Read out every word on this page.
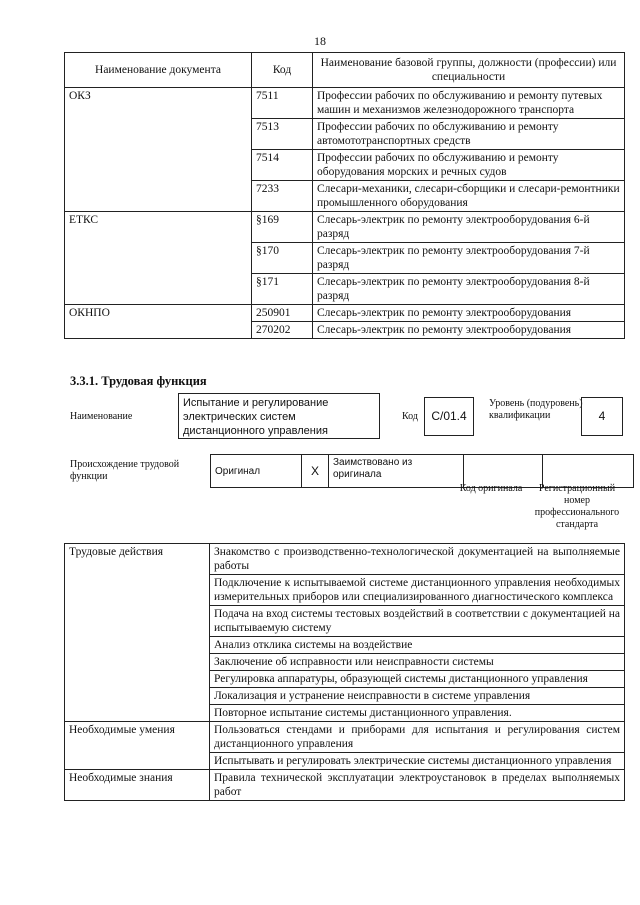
18
Наименование документа	Код	Наименование базовой группы, должности (профессии) или специальности
ОКЗ	7511	Профессии рабочих по обслуживанию и ремонту путевых машин и механизмов железнодорожного транспорта
	7513	Профессии рабочих по обслуживанию и ремонту автомототранспортных средств
	7514	Профессии рабочих по обслуживанию и ремонту оборудования морских и речных судов
	7233	Слесари-механики, слесари-сборщики и слесари-ремонтники промышленного оборудования
ЕТКС	§169	Слесарь-электрик по ремонту электрооборудования 6-й разряд
	§170	Слесарь-электрик по ремонту электрооборудования 7-й разряд
	§171	Слесарь-электрик по ремонту электрооборудования 8-й разряд
ОКНПО	250901	Слесарь-электрик по ремонту электрооборудования
	270202	Слесарь-электрик по ремонту электрооборудования
3.3.1. Трудовая функция
Наименование
Испытание и регулирование электрических систем дистанционного управления
Код	C/01.4
Уровень (подуровень) квалификации	4
Происхождение трудовой функции	Оригинал	X	Заимствовано из оригинала		
Код оригинала	Регистрационный номер профессионального стандарта
Трудовые действия	Знакомство с производственно-технологической документацией на выполняемые работы
	Подключение к испытываемой системе дистанционного управления необходимых измерительных приборов или специализированного диагностического комплекса
	Подача на вход системы тестовых воздействий в соответствии с документацией на испытываемую систему
	Анализ отклика системы на воздействие
	Заключение об исправности или неисправности системы
	Регулировка аппаратуры, образующей системы дистанционного управления
	Локализация и устранение неисправности в системе управления
	Повторное испытание системы дистанционного управления.
Необходимые умения	Пользоваться стендами и приборами для испытания и регулирования систем дистанционного управления
	Испытывать и регулировать электрические системы дистанционного управления
Необходимые знания	Правила технической эксплуатации электроустановок в пределах выполняемых работ
